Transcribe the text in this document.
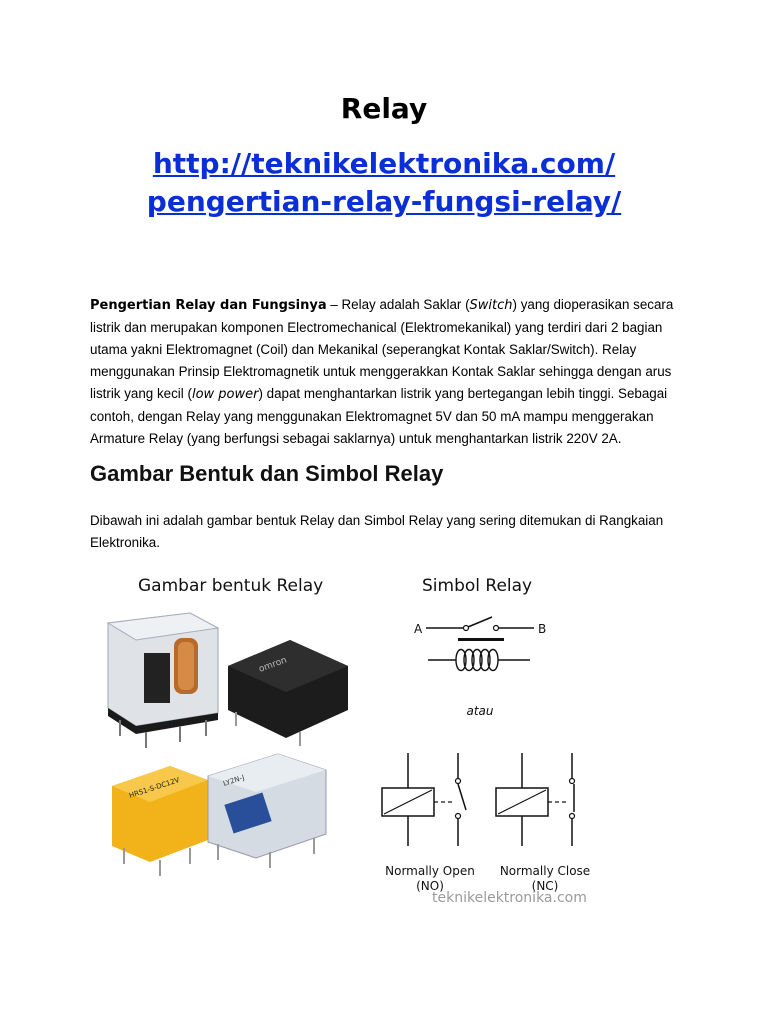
Relay
http://teknikelektronika.com/
pengertian-relay-fungsi-relay/
Pengertian Relay dan Fungsinya – Relay adalah Saklar (Switch) yang dioperasikan secara listrik dan merupakan komponen Electromechanical (Elektromekanikal) yang terdiri dari 2 bagian utama yakni Elektromagnet (Coil) dan Mekanikal (seperangkat Kontak Saklar/Switch). Relay menggunakan Prinsip Elektromagnetik untuk menggerakkan Kontak Saklar sehingga dengan arus listrik yang kecil (low power) dapat menghantarkan listrik yang bertegangan lebih tinggi. Sebagai contoh, dengan Relay yang menggunakan Elektromagnet 5V dan 50 mA mampu menggerakan Armature Relay (yang berfungsi sebagai saklarnya) untuk menghantarkan listrik 220V 2A.
Gambar Bentuk dan Simbol Relay
Dibawah ini adalah gambar bentuk Relay dan Simbol Relay yang sering ditemukan di Rangkaian Elektronika.
Gambar bentuk Relay	Simbol Relay
omron
HRS1-S-DC12V	LY2N-J
A	B
atau
Normally Open
(NO)
Normally Close
(NC)
teknikelektronika.com
